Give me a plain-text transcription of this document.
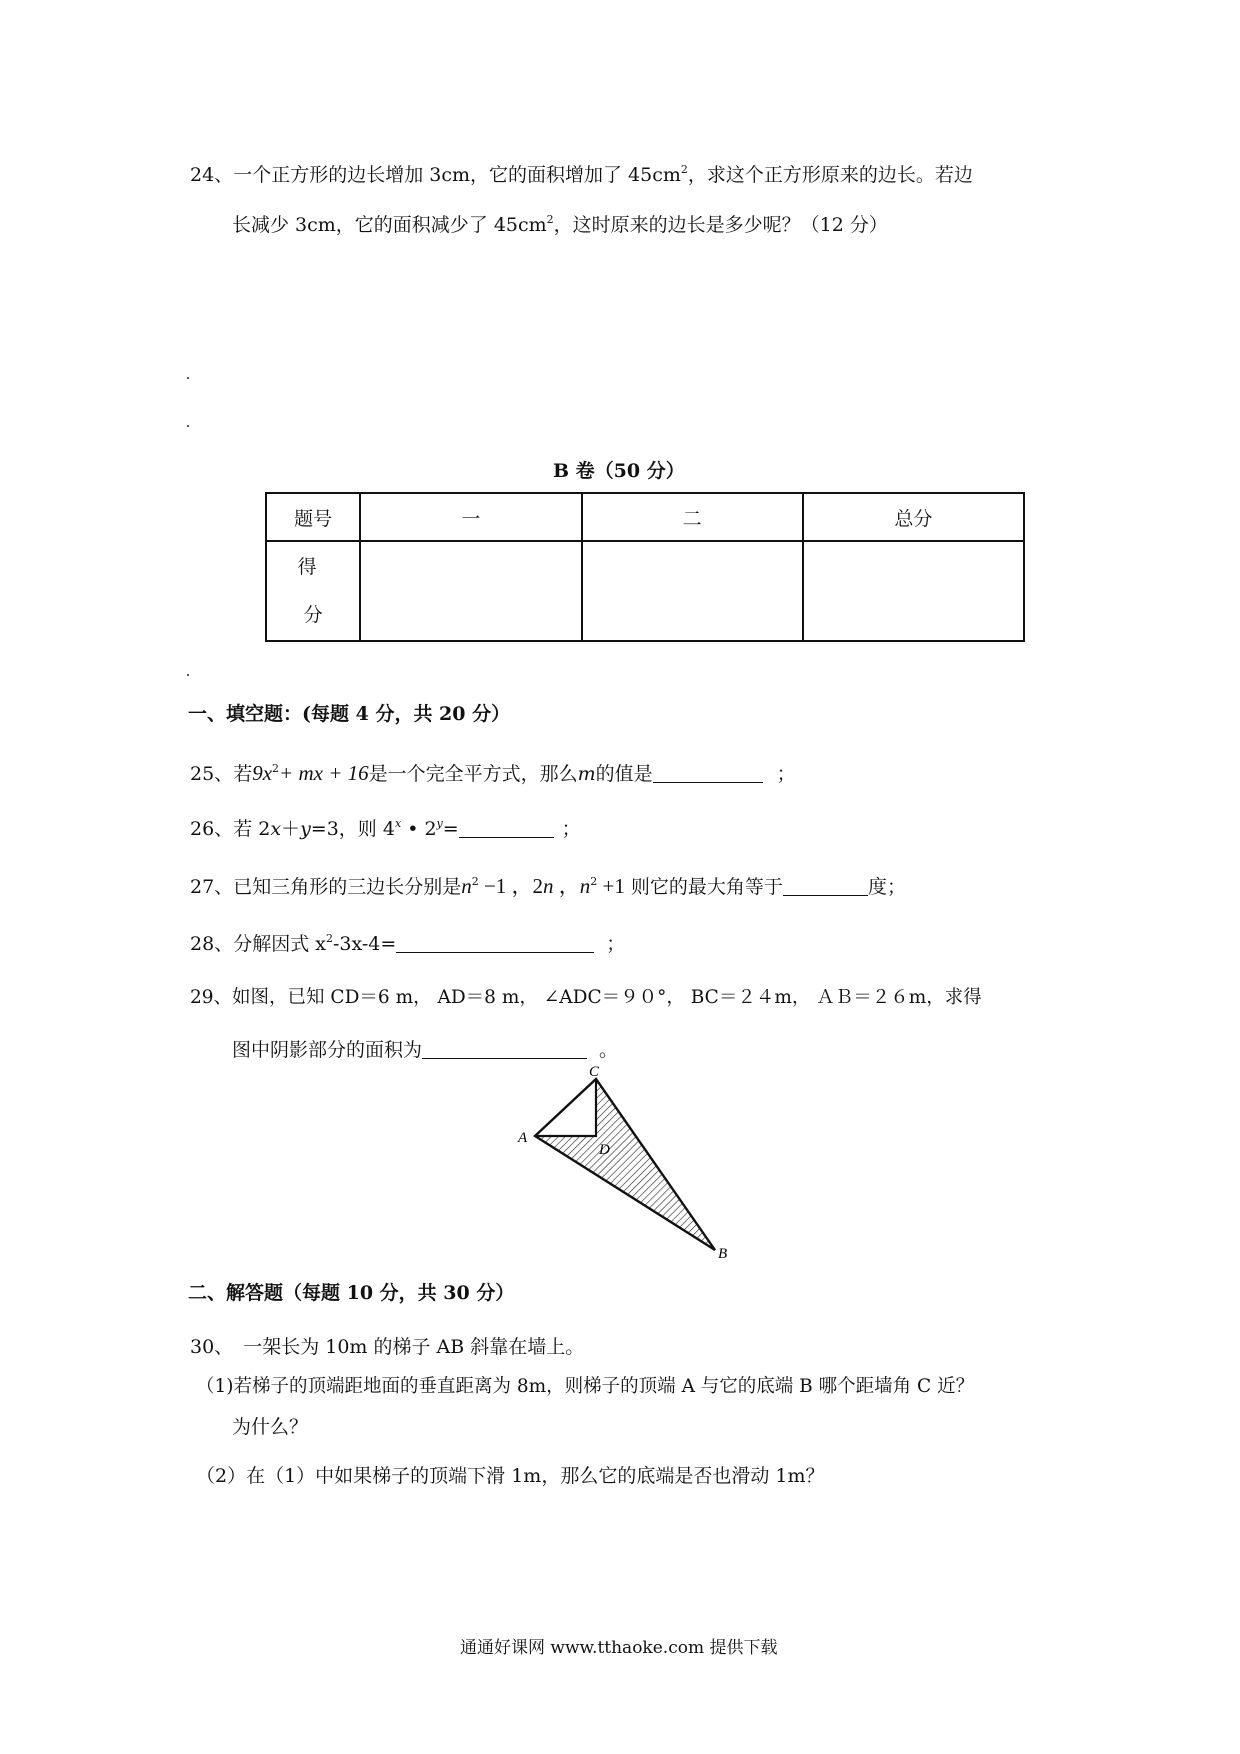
24、一个正方形的边长增加 3cm，它的面积增加了 $45cm^2$，求这个正方形原来的边长。若边
长减少 3cm，它的面积减少了 $45cm^2$，这时原来的边长是多少呢？（12 分）
B 卷（50 分）
题号	一	二	总分

得
分			

一、填空题：(每题 4 分，共 20 分）
25、若$9x^2+$ mx + 16是一个完全平方式，那么m的值是	；
26、若 2x＋y=3，则 4$^x$ • $2^y=$	；
27、已知三角形的三边长分别是$n^2 -1$ ，2n ，$n^2 +1$ 则它的最大角等于	度；
28、分解因式 $x^2-3x-4=$	；
29、如图，已知 CD＝6 m， AD＝8 m， ∠ADC＝９０°， BC＝２４m， ＡＢ＝２６m，求得
图中阴影部分的面积为	。
C
A
D
B
二、解答题（每题 10 分，共 30 分）
30、 一架长为 10m 的梯子 AB 斜靠在墙上。
（1)若梯子的顶端距地面的垂直距离为 8m，则梯子的顶端 A 与它的底端 B 哪个距墙角 C 近？
为什么？
（2）在（1）中如果梯子的顶端下滑 1m，那么它的底端是否也滑动 1m？
通通好课网 www.tthaoke.com 提供下载
